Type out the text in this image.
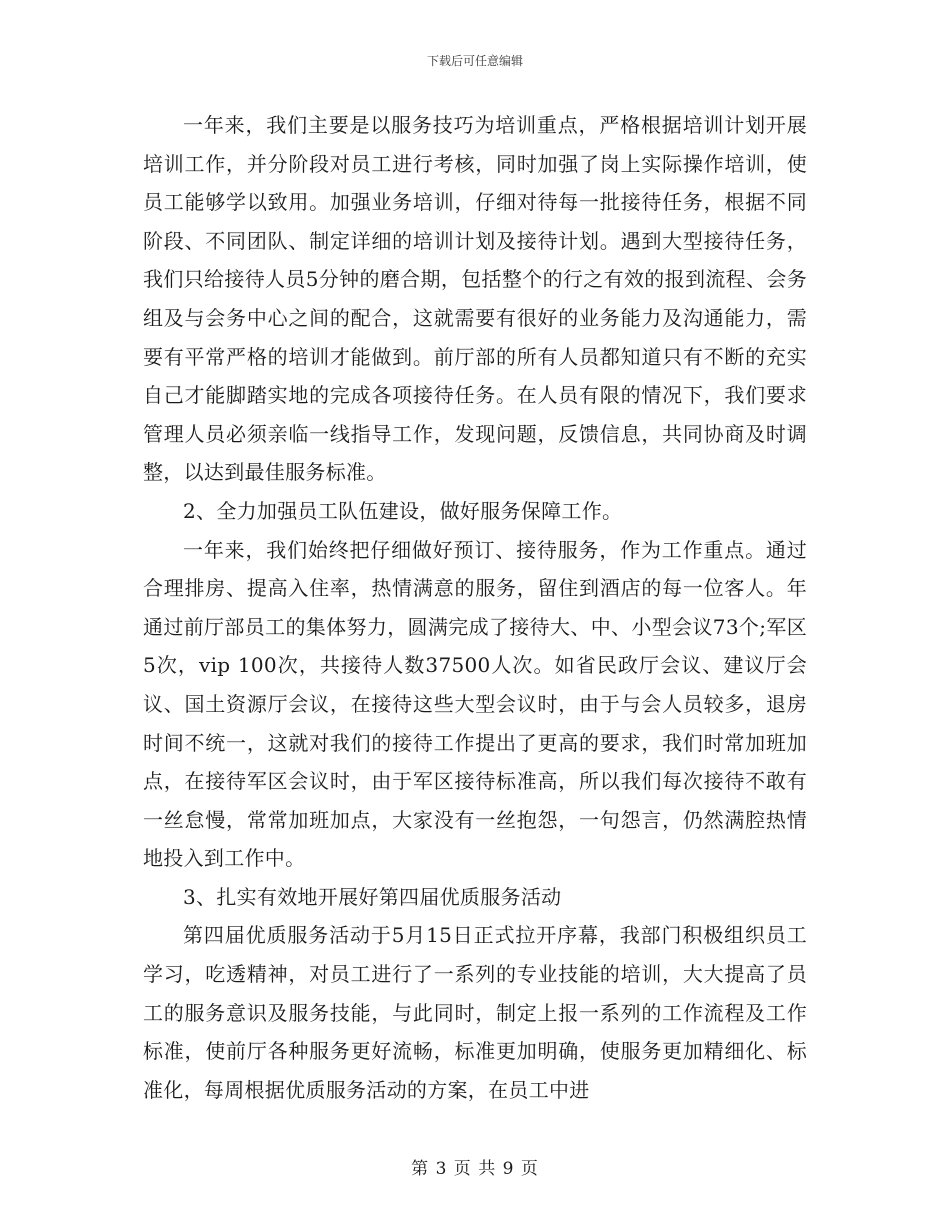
下载后可任意编辑

一年来，我们主要是以服务技巧为培训重点，严格根据培训计划开展培训工作，并分阶段对员工进行考核，同时加强了岗上实际操作培训，使员工能够学以致用。加强业务培训，仔细对待每一批接待任务，根据不同阶段、不同团队、制定详细的培训计划及接待计划。遇到大型接待任务，我们只给接待人员5分钟的磨合期，包括整个的行之有效的报到流程、会务组及与会务中心之间的配合，这就需要有很好的业务能力及沟通能力，需要有平常严格的培训才能做到。前厅部的所有人员都知道只有不断的充实自己才能脚踏实地的完成各项接待任务。在人员有限的情况下，我们要求管理人员必须亲临一线指导工作，发现问题，反馈信息，共同协商及时调整，以达到最佳服务标准。

2、全力加强员工队伍建设，做好服务保障工作。

一年来，我们始终把仔细做好预订、接待服务，作为工作重点。通过合理排房、提高入住率，热情满意的服务，留住到酒店的每一位客人。年通过前厅部员工的集体努力，圆满完成了接待大、中、小型会议73个;军区5次，vip 100次，共接待人数37500人次。如省民政厅会议、建议厅会议、国土资源厅会议，在接待这些大型会议时，由于与会人员较多，退房时间不统一，这就对我们的接待工作提出了更高的要求，我们时常加班加点，在接待军区会议时，由于军区接待标准高，所以我们每次接待不敢有一丝怠慢，常常加班加点，大家没有一丝抱怨，一句怨言，仍然满腔热情地投入到工作中。

3、扎实有效地开展好第四届优质服务活动

第四届优质服务活动于5月15日正式拉开序幕，我部门积极组织员工学习，吃透精神，对员工进行了一系列的专业技能的培训，大大提高了员工的服务意识及服务技能，与此同时，制定上报一系列的工作流程及工作标准，使前厅各种服务更好流畅，标准更加明确，使服务更加精细化、标准化，每周根据优质服务活动的方案，在员工中进

第 3 页 共 9 页
